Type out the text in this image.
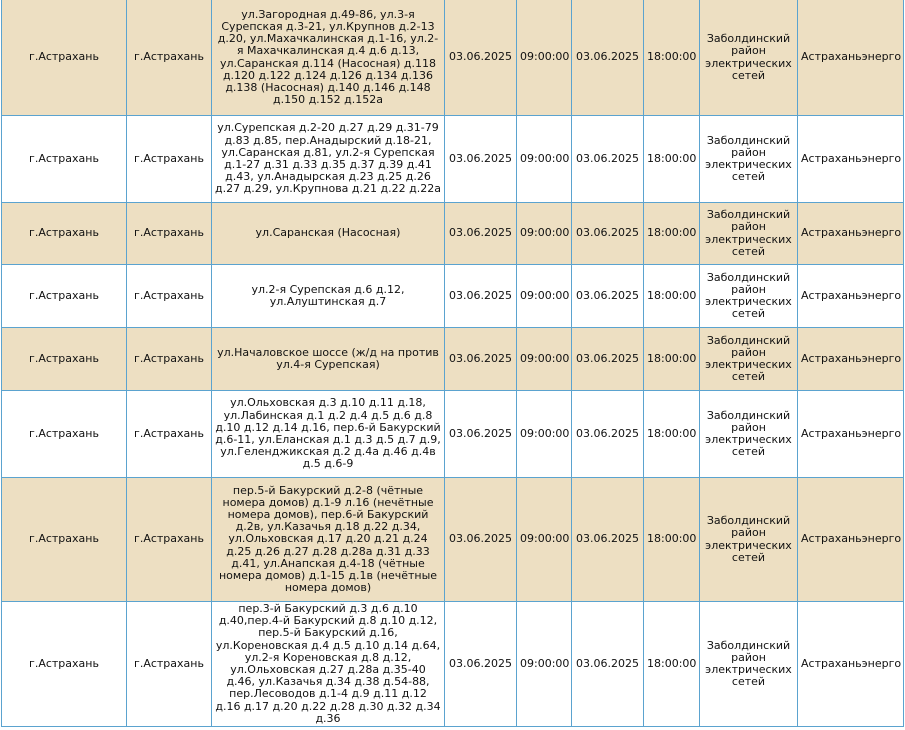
г.Астрахань	г.Астрахань	ул.Загородная д.49-86, ул.3-я Сурепская д.3-21, ул.Крупнов д.2-13 д.20, ул.Махачкалинская д.1-16, ул.2-я Махачкалинская д.4 д.6 д.13, ул.Саранская д.114 (Насосная) д.118 д.120 д.122 д.124 д.126 д.134 д.136 д.138 (Насосная) д.140 д.146 д.148 д.150 д.152 д.152а	03.06.2025	09:00:00	03.06.2025	18:00:00	Заболдинский район электрических сетей	Астраханьэнерго
г.Астрахань	г.Астрахань	ул.Сурепская д.2-20 д.27 д.29 д.31-79 д.83 д.85, пер.Анадырский д.18-21, ул.Саранская д.81, ул.2-я Сурепская д.1-27 д.31 д.33 д.35 д.37 д.39 д.41 д.43, ул.Анадырская д.23 д.25 д.26 д.27 д.29, ул.Крупнова д.21 д.22 д.22а	03.06.2025	09:00:00	03.06.2025	18:00:00	Заболдинский район электрических сетей	Астраханьэнерго
г.Астрахань	г.Астрахань	ул.Саранская (Насосная)	03.06.2025	09:00:00	03.06.2025	18:00:00	Заболдинский район электрических сетей	Астраханьэнерго
г.Астрахань	г.Астрахань	ул.2-я Сурепская д.6 д.12, ул.Алуштинская д.7	03.06.2025	09:00:00	03.06.2025	18:00:00	Заболдинский район электрических сетей	Астраханьэнерго
г.Астрахань	г.Астрахань	ул.Началовское шоссе (ж/д на против ул.4-я Сурепская)	03.06.2025	09:00:00	03.06.2025	18:00:00	Заболдинский район электрических сетей	Астраханьэнерго
г.Астрахань	г.Астрахань	ул.Ольховская д.3 д.10 д.11 д.18, ул.Лабинская д.1 д.2 д.4 д.5 д.6 д.8 д.10 д.12 д.14 д.16, пер.6-й Бакурский д.6-11, ул.Еланская д.1 д.3 д.5 д.7 д.9, ул.Геленджикская д.2 д.4а д.46 д.4в д.5 д.6-9	03.06.2025	09:00:00	03.06.2025	18:00:00	Заболдинский район электрических сетей	Астраханьэнерго
г.Астрахань	г.Астрахань	пер.5-й Бакурский д.2-8 (чётные номера домов) д.1-9 л.16 (нечётные номера домов), пер.6-й Бакурский д.2в, ул.Казачья д.18 д.22 д.34, ул.Ольховская д.17 д.20 д.21 д.24 д.25 д.26 д.27 д.28 д.28а д.31 д.33 д.41, ул.Анапская д.4-18 (чётные номера домов) д.1-15 д.1в (нечётные номера домов)	03.06.2025	09:00:00	03.06.2025	18:00:00	Заболдинский район электрических сетей	Астраханьэнерго
г.Астрахань	г.Астрахань	пер.3-й Бакурский д.3 д.6 д.10 д.40,пер.4-й Бакурский д.8 д.10 д.12, пер.5-й Бакурский д.16, ул.Кореновская д.4 д.5 д.10 д.14 д.64, ул.2-я Кореновская д.8 д.12, ул.Ольховская д.27 д.28а д.35-40 д.46, ул.Казачья д.34 д.38 д.54-88, пер.Лесоводов д.1-4 д.9 д.11 д.12 д.16 д.17 д.20 д.22 д.28 д.30 д.32 д.34 д.36	03.06.2025	09:00:00	03.06.2025	18:00:00	Заболдинский район электрических сетей	Астраханьэнерго
